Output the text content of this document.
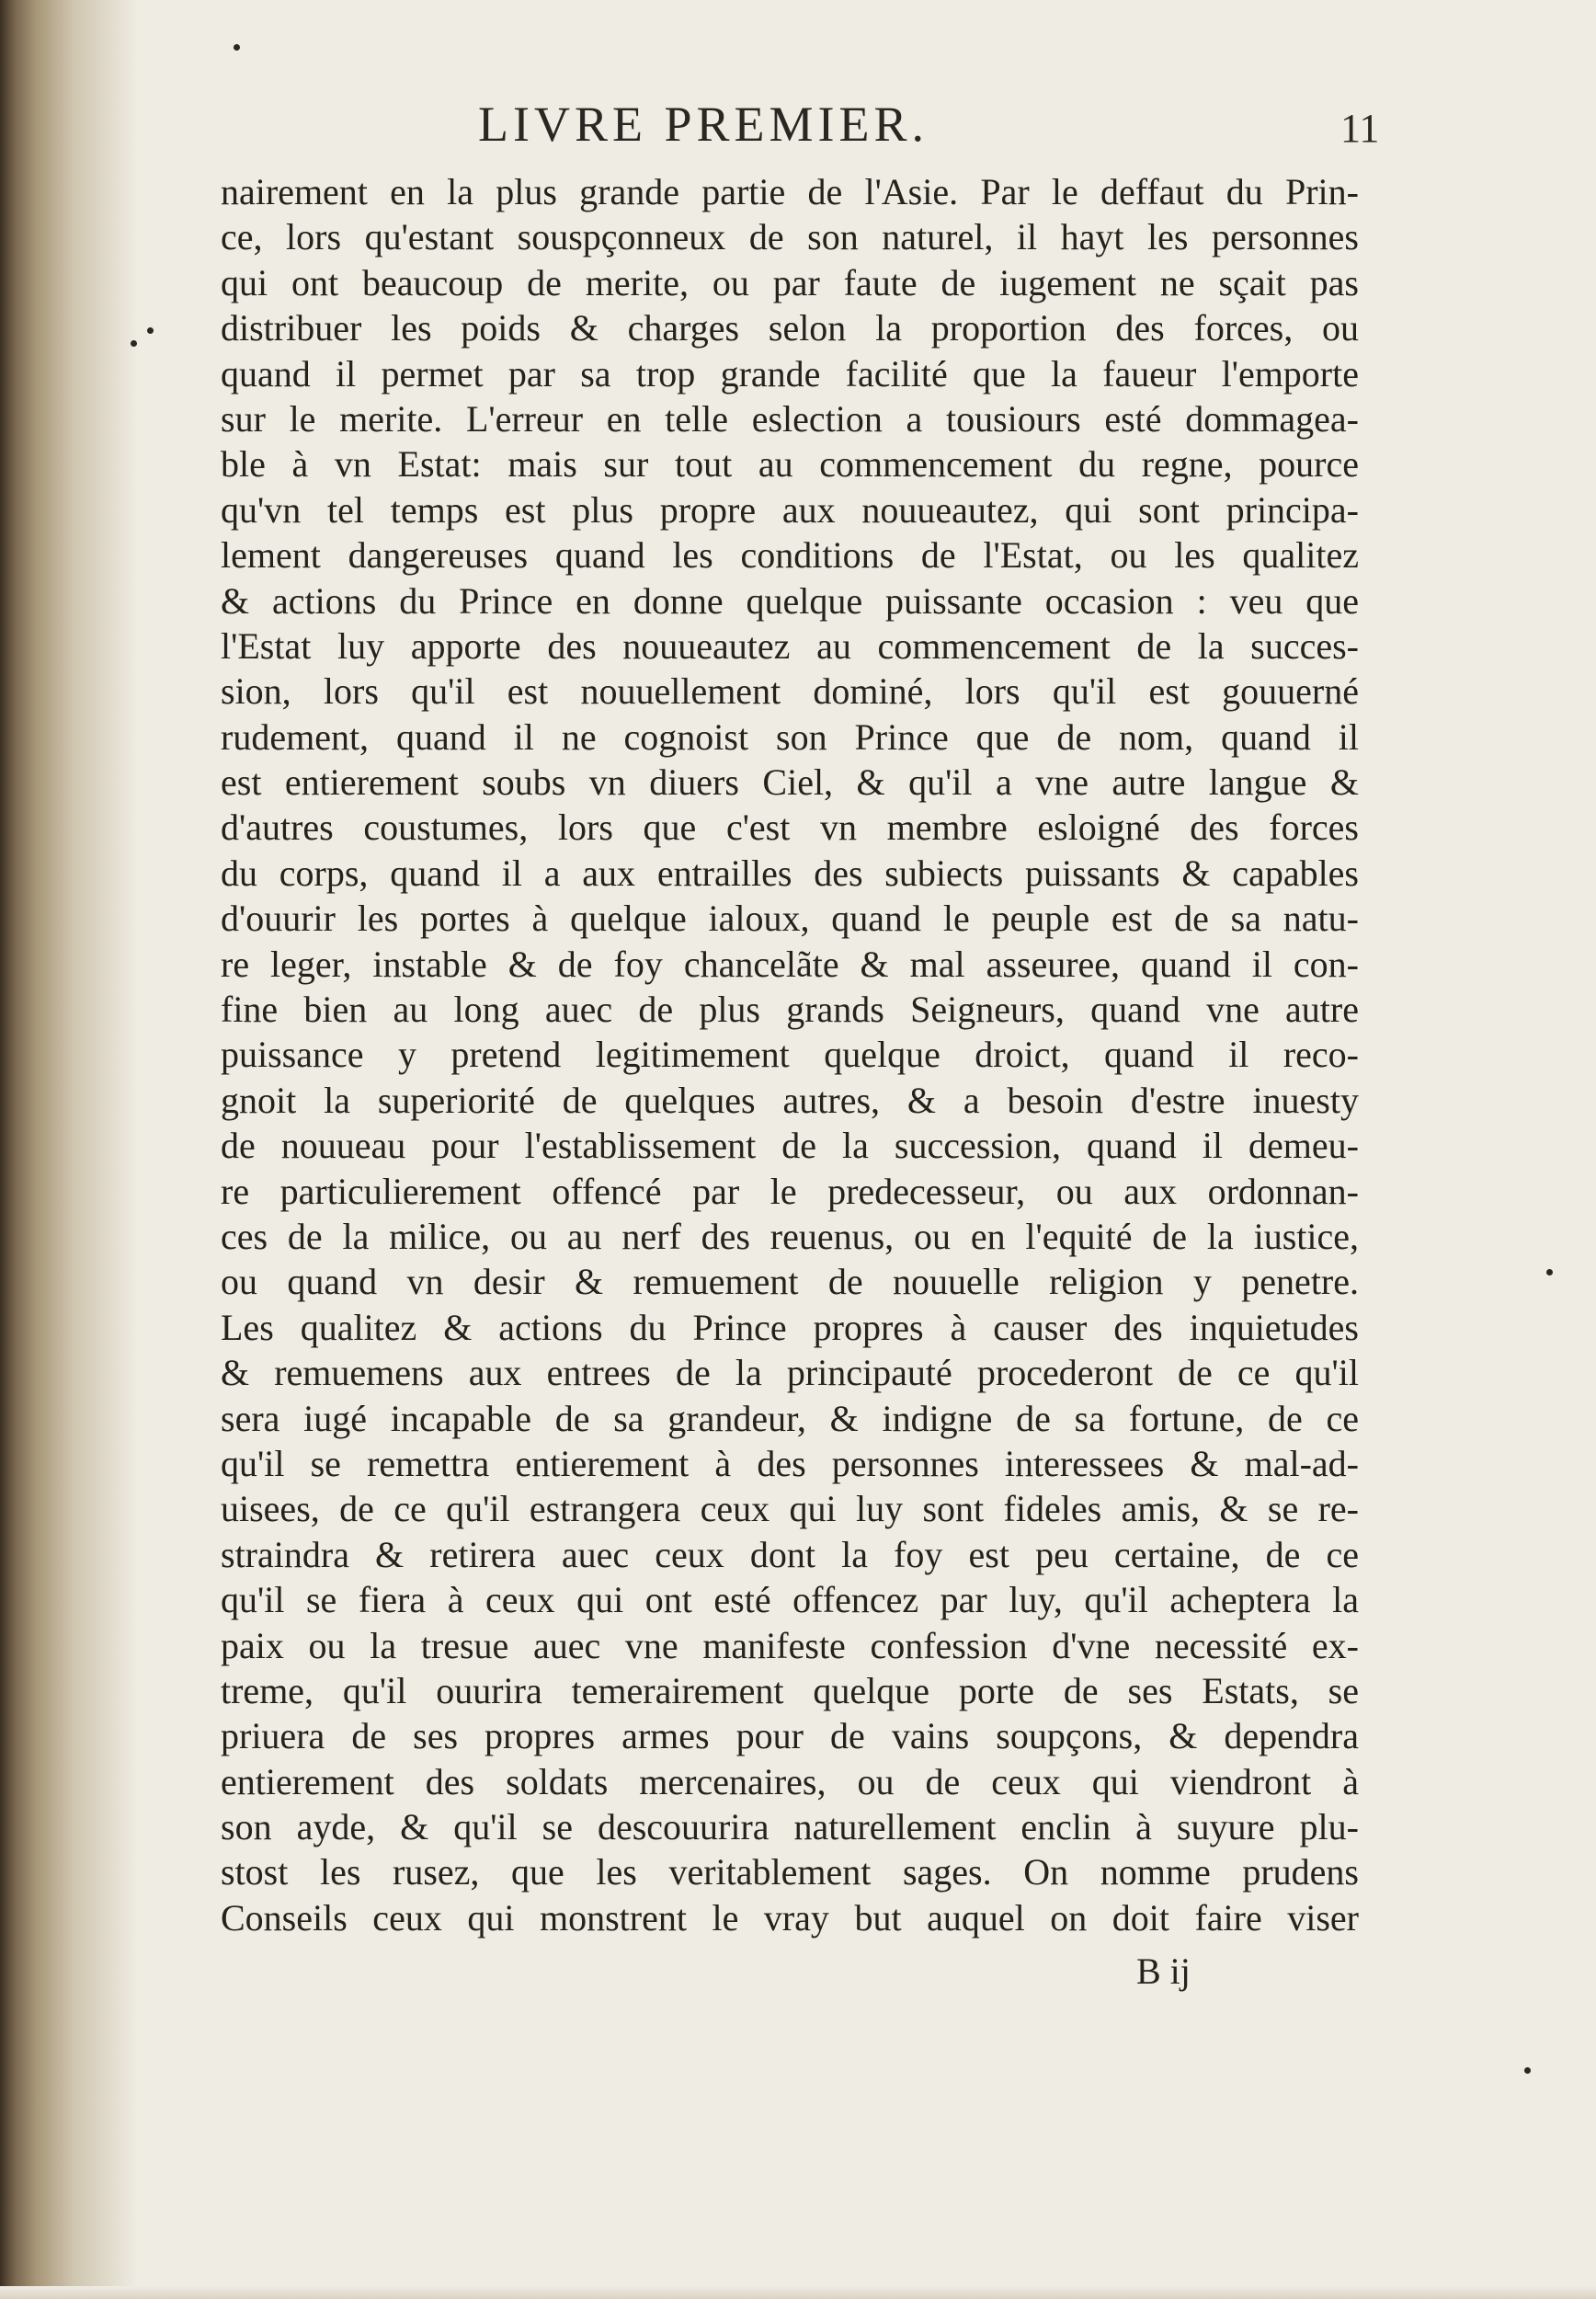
LIVRE PREMIER.	11
nairement en la plus grande partie de l'Asie. Par le deffaut du Prin-
ce, lors qu'estant souspçonneux de son naturel, il hayt les personnes
qui ont beaucoup de merite, ou par faute de iugement ne sçait pas
distribuer les poids & charges selon la proportion des forces, ou
quand il permet par sa trop grande facilité que la faueur l'emporte
sur le merite. L'erreur en telle eslection a tousiours esté dommagea-
ble à vn Estat: mais sur tout au commencement du regne, pource
qu'vn tel temps est plus propre aux nouueautez, qui sont principa-
lement dangereuses quand les conditions de l'Estat, ou les qualitez
& actions du Prince en donne quelque puissante occasion : veu que
l'Estat luy apporte des nouueautez au commencement de la succes-
sion, lors qu'il est nouuellement dominé, lors qu'il est gouuerné
rudement, quand il ne cognoist son Prince que de nom, quand il
est entierement soubs vn diuers Ciel, & qu'il a vne autre langue &
d'autres coustumes, lors que c'est vn membre esloigné des forces
du corps, quand il a aux entrailles des subiects puissants & capables
d'ouurir les portes à quelque ialoux, quand le peuple est de sa natu-
re leger, instable & de foy chancelãte & mal asseuree, quand il con-
fine bien au long auec de plus grands Seigneurs, quand vne autre
puissance y pretend legitimement quelque droict, quand il reco-
gnoit la superiorité de quelques autres, & a besoin d'estre inuesty
de nouueau pour l'establissement de la succession, quand il demeu-
re particulierement offencé par le predecesseur, ou aux ordonnan-
ces de la milice, ou au nerf des reuenus, ou en l'equité de la iustice,
ou quand vn desir & remuement de nouuelle religion y penetre.
Les qualitez & actions du Prince propres à causer des inquietudes
& remuemens aux entrees de la principauté procederont de ce qu'il
sera iugé incapable de sa grandeur, & indigne de sa fortune, de ce
qu'il se remettra entierement à des personnes interessees & mal-ad-
uisees, de ce qu'il estrangera ceux qui luy sont fideles amis, & se re-
straindra & retirera auec ceux dont la foy est peu certaine, de ce
qu'il se fiera à ceux qui ont esté offencez par luy, qu'il acheptera la
paix ou la tresue auec vne manifeste confession d'vne necessité ex-
treme, qu'il ouurira temerairement quelque porte de ses Estats, se
priuera de ses propres armes pour de vains soupçons, & dependra
entierement des soldats mercenaires, ou de ceux qui viendront à
son ayde, & qu'il se descouurira naturellement enclin à suyure plu-
stost les rusez, que les veritablement sages. On nomme prudens
Conseils ceux qui monstrent le vray but auquel on doit faire viser
B ij
